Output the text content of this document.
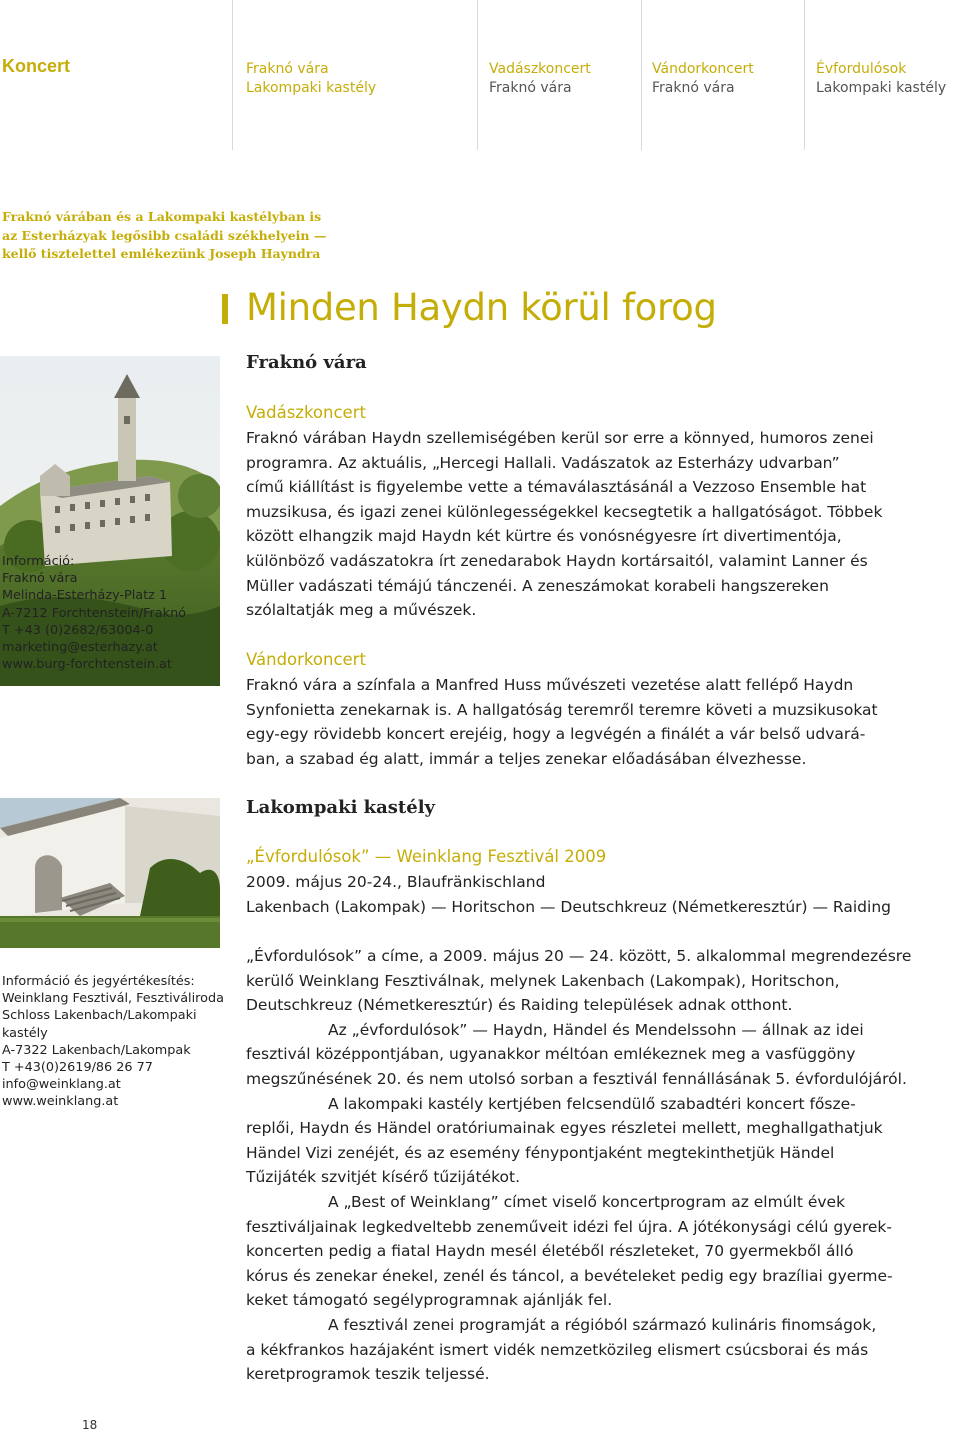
Koncert	Fraknó vára
Lakompaki kastély
Vadászkoncert
Fraknó vára
Vándorkoncert
Fraknó vára
Évfordulósok
Lakompaki kastély
Fraknó várában és a Lakompaki kastélyban is
az Esterházyak legősibb családi székhelyein —
kellő tisztelettel emlékezünk Joseph Hayndra
Minden Haydn körül forog
Fraknó vára
Információ:
Fraknó vára
Melinda-Esterházy-Platz 1
A-7212 Forchtenstein/Fraknó
T +43 (0)2682/63004-0
marketing@esterhazy.at
www.burg-forchtenstein.at
Vadászkoncert
Fraknó várában Haydn szellemiségében kerül sor erre a könnyed, humoros zenei
programra. Az aktuális, „Hercegi Hallali. Vadászatok az Esterházy udvarban”
című kiállítást is figyelembe vette a témaválasztásánál a Vezzoso Ensemble hat
muzsikusa, és igazi zenei különlegességekkel kecsegtetik a hallgatóságot. Többek
között elhangzik majd Haydn két kürtre és vonósnégyesre írt divertimentója,
különböző vadászatokra írt zenedarabok Haydn kortársaitól, valamint Lanner és
Müller vadászati témájú tánczenéi. A zeneszámokat korabeli hangszereken
szólaltatják meg a művészek.
Vándorkoncert
Fraknó vára a színfala a Manfred Huss művészeti vezetése alatt fellépő Haydn
Synfonietta zenekarnak is. A hallgatóság teremről teremre követi a muzsikusokat
egy-egy rövidebb koncert erejéig, hogy a legvégén a finálét a vár belső udvará-
ban, a szabad ég alatt, immár a teljes zenekar előadásában élvezhesse.
Lakompaki kastély
Információ és jegyértékesítés:
Weinklang Fesztivál, Fesztiváliroda
Schloss Lakenbach/Lakompaki
kastély
A-7322 Lakenbach/Lakompak
T +43(0)2619/86 26 77
info@weinklang.at
www.weinklang.at
„Évfordulósok” — Weinklang Fesztivál 2009
2009. május 20-24., Blaufränkischland
Lakenbach (Lakompak) — Horitschon — Deutschkreuz (Németkeresztúr) — Raiding
„Évfordulósok” a címe, a 2009. május 20 — 24. között, 5. alkalommal megrendezésre
kerülő Weinklang Fesztiválnak, melynek Lakenbach (Lakompak), Horitschon,
Deutschkreuz (Németkeresztúr) és Raiding települések adnak otthont.
Az „évfordulósok” — Haydn, Händel és Mendelssohn — állnak az idei
fesztivál középpontjában, ugyanakkor méltóan emlékeznek meg a vasfüggöny
megszűnésének 20. és nem utolsó sorban a fesztivál fennállásának 5. évfordulójáról.
A lakompaki kastély kertjében felcsendülő szabadtéri koncert fősze-
replői, Haydn és Händel oratóriumainak egyes részletei mellett, meghallgathatjuk
Händel Vizi zenéjét, és az esemény fénypontjaként megtekinthetjük Händel
Tűzijáték szvitjét kísérő tűzijátékot.
A „Best of Weinklang” címet viselő koncertprogram az elmúlt évek
fesztiváljainak legkedveltebb zeneműveit idézi fel újra. A jótékonysági célú gyerek-
koncerten pedig a fiatal Haydn mesél életéből részleteket, 70 gyermekből álló
kórus és zenekar énekel, zenél és táncol, a bevételeket pedig egy brazíliai gyerme-
keket támogató segélyprogramnak ajánlják fel.
A fesztivál zenei programját a régióból származó kulináris finomságok,
a kékfrankos hazájaként ismert vidék nemzetközileg elismert csúcsborai és más
keretprogramok teszik teljessé.
18
